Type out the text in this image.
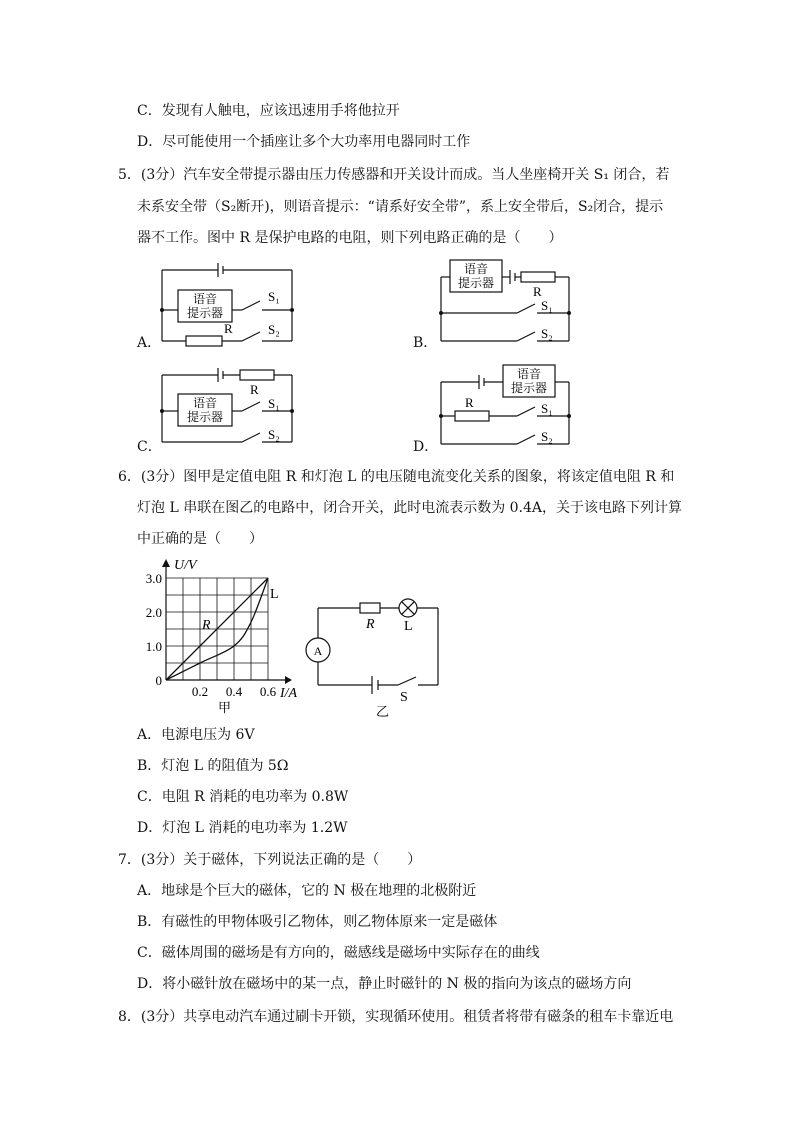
C．发现有人触电，应该迅速用手将他拉开
D．尽可能使用一个插座让多个大功率用电器同时工作
5．(3分）汽车安全带提示器由压力传感器和开关设计而成。当人坐座椅开关 S₁ 闭合，若
未系安全带（S₂断开)，则语音提示：“请系好安全带”，系上安全带后，S₂闭合，提示
器不工作。图中 R 是保护电路的电阻，则下列电路正确的是（　　）
A．	B．
C．	D．
语音
提示器
S₁
S₂
R
语音
提示器
R
S₁
S₂
语音
提示器
R
S₁
S₂
语音
提示器
R	S₁
S₂
6．(3分）图甲是定值电阻 R 和灯泡 L 的电压随电流变化关系的图象，将该定值电阻 R 和
灯泡 L 串联在图乙的电路中，闭合开关，此时电流表示数为 0.4A，关于该电路下列计算
中正确的是（　　）
3.0
2.0
1.0
0
0.2 0.4 0.6
U/V
I/A
R
L
甲
A
R L
S
乙
A．电源电压为 6V
B．灯泡 L 的阻值为 5Ω
C．电阻 R 消耗的电功率为 0.8W
D．灯泡 L 消耗的电功率为 1.2W
7．(3分）关于磁体，下列说法正确的是（　　）
A．地球是个巨大的磁体，它的 N 极在地理的北极附近
B．有磁性的甲物体吸引乙物体，则乙物体原来一定是磁体
C．磁体周围的磁场是有方向的，磁感线是磁场中实际存在的曲线
D．将小磁针放在磁场中的某一点，静止时磁针的 N 极的指向为该点的磁场方向
8．(3分）共享电动汽车通过刷卡开锁，实现循环使用。租赁者将带有磁条的租车卡靠近电
